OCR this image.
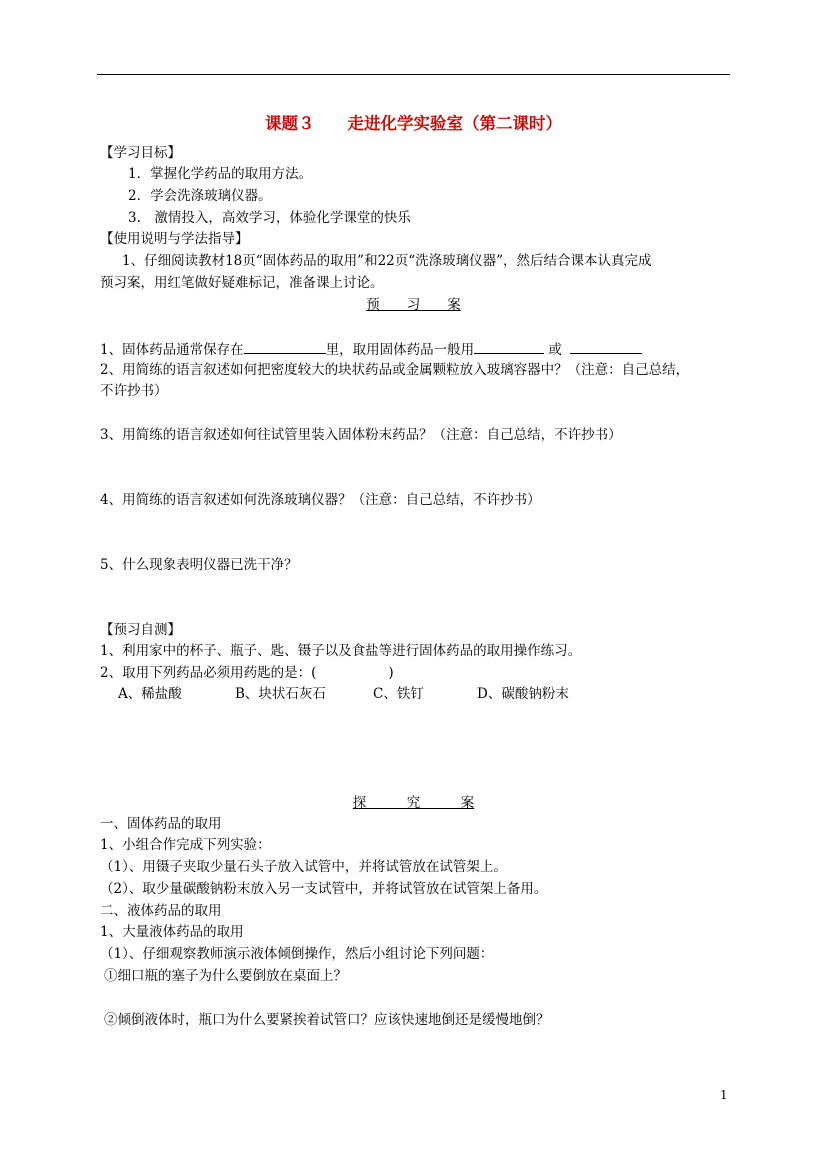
课题３　　走进化学实验室（第二课时）
【学习目标】
1．掌握化学药品的取用方法。
2．学会洗涤玻璃仪器。
3.　激情投入，高效学习，体验化学课堂的快乐
【使用说明与学法指导】
1、仔细阅读教材18页“固体药品的取用”和22页“洗涤玻璃仪器”，然后结合课本认真完成
预习案，用红笔做好疑难标记，准备课上讨论。
预　　习　　案
1、固体药品通常保存在	里，取用固体药品一般用	或
2、用简练的语言叙述如何把密度较大的块状药品或金属颗粒放入玻璃容器中？（注意：自己总结，
不许抄书）
3、用简练的语言叙述如何往试管里装入固体粉末药品？（注意：自己总结，不许抄书）
4、用简练的语言叙述如何洗涤玻璃仪器？（注意：自己总结，不许抄书）
5、什么现象表明仪器已洗干净？
【预习自测】
1、利用家中的杯子、瓶子、匙、镊子以及食盐等进行固体药品的取用操作练习。
2、取用下列药品必须用药匙的是：(	)
A、稀盐酸	B、块状石灰石	C、铁钉	D、碳酸钠粉末
探　　　究　　　案
一、固体药品的取用
1、小组合作完成下列实验：
（1）、用镊子夹取少量石头子放入试管中，并将试管放在试管架上。
（2）、取少量碳酸钠粉末放入另一支试管中，并将试管放在试管架上备用。
二、液体药品的取用
1、大量液体药品的取用
（1）、仔细观察教师演示液体倾倒操作，然后小组讨论下列问题：
①细口瓶的塞子为什么要倒放在桌面上？
②倾倒液体时，瓶口为什么要紧挨着试管口？应该快速地倒还是缓慢地倒？
1
